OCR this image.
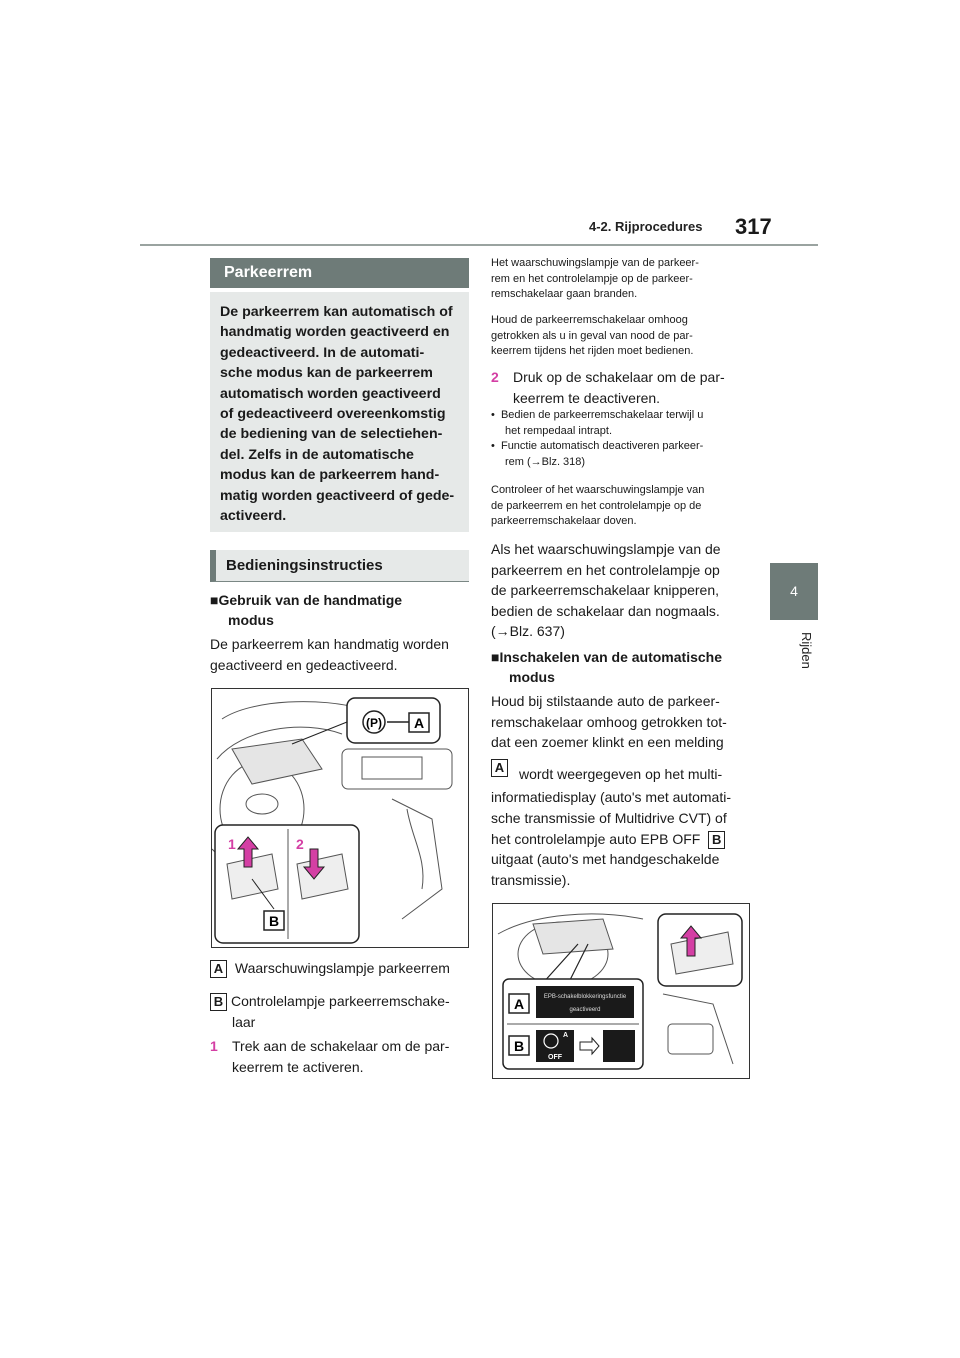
4-2. Rijprocedures 317
4
Rijden
Parkeerrem
De parkeerrem kan automatisch of
handmatig worden geactiveerd en
gedeactiveerd. In de automati-
sche modus kan de parkeerrem
automatisch worden geactiveerd
of gedeactiveerd overeenkomstig
de bediening van de selectiehen-
del. Zelfs in de automatische
modus kan de parkeerrem hand-
matig worden geactiveerd of gede-
activeerd.
Bedieningsinstructies
■Gebruik van de handmatige
modus
De parkeerrem kan handmatig worden
geactiveerd en gedeactiveerd.
(P) A
1	2
B
A Waarschuwingslampje parkeerrem
B Controlelampje parkeerremschake-
laar
1 Trek aan de schakelaar om de par-
keerrem te activeren.
Het waarschuwingslampje van de parkeer-
rem en het controlelampje op de parkeer-
remschakelaar gaan branden.
Houd de parkeerremschakelaar omhoog
getrokken als u in geval van nood de par-
keerrem tijdens het rijden moet bedienen.
2 Druk op de schakelaar om de par-
keerrem te deactiveren.
•  Bedien de parkeerremschakelaar terwijl u
het rempedaal intrapt.
•  Functie automatisch deactiveren parkeer-
rem (→Blz. 318)
Controleer of het waarschuwingslampje van
de parkeerrem en het controlelampje op de
parkeerremschakelaar doven.
Als het waarschuwingslampje van de
parkeerrem en het controlelampje op
de parkeerremschakelaar knipperen,
bedien de schakelaar dan nogmaals.
(→Blz. 637)
■Inschakelen van de automatische
modus
Houd bij stilstaande auto de parkeer-
remschakelaar omhoog getrokken tot-
dat een zoemer klinkt en een melding
A	wordt weergegeven op het multi-
informatiedisplay (auto's met automati-
sche transmissie of Multidrive CVT) of
het controlelampje auto EPB OFF B
uitgaat (auto's met handgeschakelde
transmissie).
EPB-schakelblokkeringsfunctie
geactiveerd
A
A
OFF
B
